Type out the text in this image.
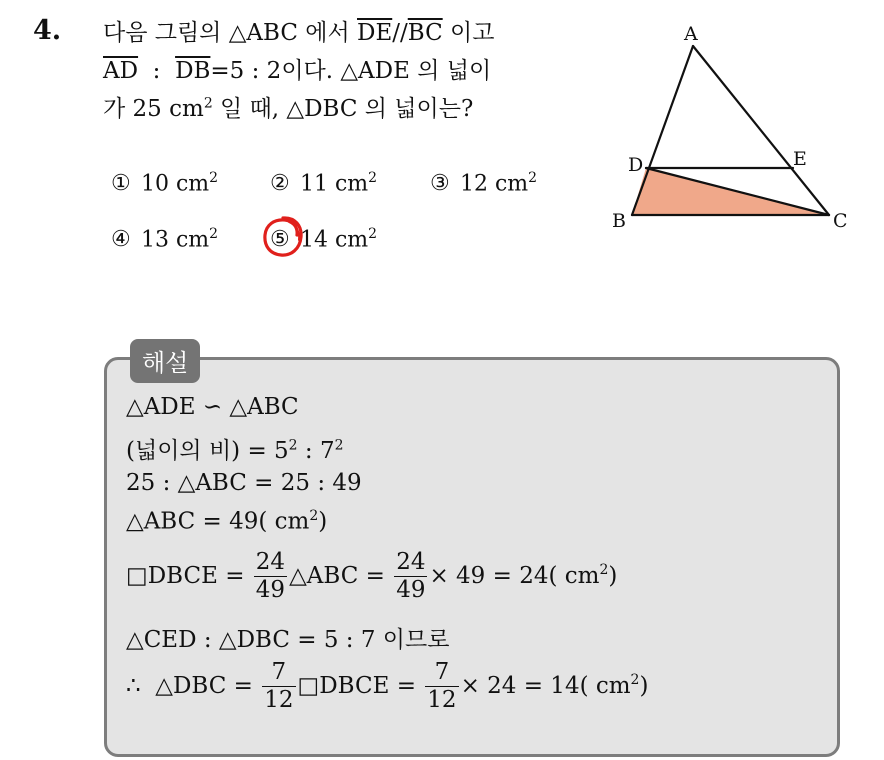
4. 다음 그림의 △ABC 에서 $\overline{DE}//\overline{BC}$ 이고
$\overline{AD}$  :  $\overline{DB}=5$ : 2이다. △ADE 의 넓이
가 25 $cm^2$ 일 때, △DBC 의 넓이는?
A
D	E
B	C
① 10 $cm^2$ ② 11 $cm^2$ ③ 12 $cm^2$
④ 13 $cm^2$ ⑤ 14 $cm^2$
해설
△ADE ∽ △ABC
(넓이의 비) = $5^2$ : $7^2$
25 : △ABC = 25 : 49
△ABC = 49( $cm^2$)
□DBCE = $\frac{24}{49}$ △ABC = $\frac{24}{49} \times 49 = 24$( $cm^2$)
△CED : △DBC = 5 : 7 이므로
∴  △DBC = $\frac{7}{12}$ □DBCE = $\frac{7}{12} \times 24 = 14$( $cm^2$)
